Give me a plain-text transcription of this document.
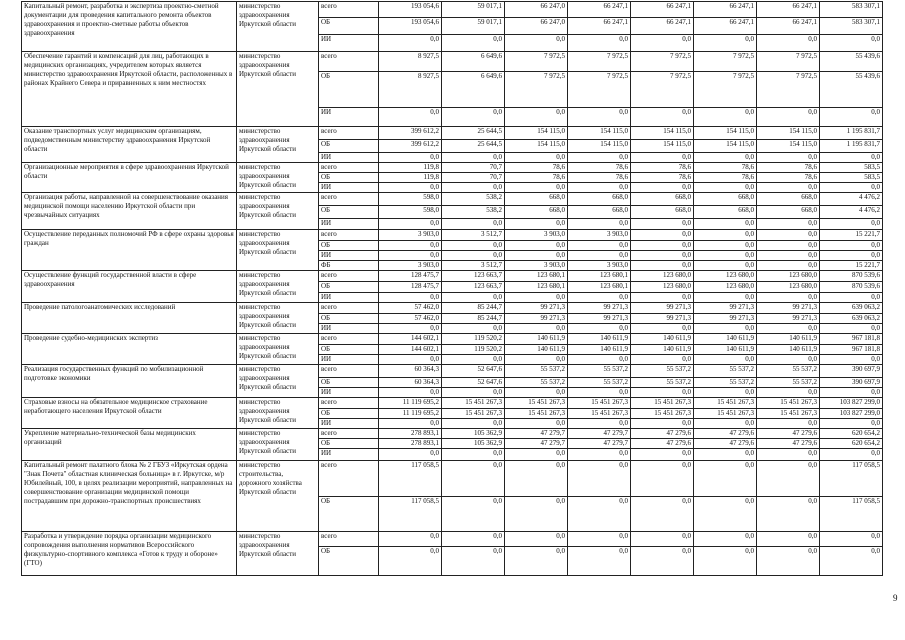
Капитальный ремонт, разработка и экспертиза проектно-сметной документации для проведения капитального ремонта объектов здравоохранения и проектно-сметные работы объектов здравоохранения	министерство здравоохранения Иркутской области	всего	193 054,6	59 017,1	66 247,0	66 247,1	66 247,1	66 247,1	66 247,1	583 307,1
		ОБ	193 054,6	59 017,1	66 247,0	66 247,1	66 247,1	66 247,1	66 247,1	583 307,1
		ИИ	0,0	0,0	0,0	0,0	0,0	0,0	0,0	0,0
Обеспечение гарантий и компенсаций для лиц, работающих в медицинских организациях, учредителем которых является министерство здравоохранения Иркутской области, расположенных в районах Крайнего Севера и приравненных к ним местностях	министерство здравоохранения Иркутской области	всего	8 927,5	6 649,6	7 972,5	7 972,5	7 972,5	7 972,5	7 972,5	55 439,6
		ОБ	8 927,5	6 649,6	7 972,5	7 972,5	7 972,5	7 972,5	7 972,5	55 439,6
		ИИ	0,0	0,0	0,0	0,0	0,0	0,0	0,0	0,0
Оказание транспортных услуг медицинским организациям, подведомственным министерству здравоохранения Иркутской области	министерство здравоохранения Иркутской области	всего	399 612,2	25 644,5	154 115,0	154 115,0	154 115,0	154 115,0	154 115,0	1 195 831,7
		ОБ	399 612,2	25 644,5	154 115,0	154 115,0	154 115,0	154 115,0	154 115,0	1 195 831,7
		ИИ	0,0	0,0	0,0	0,0	0,0	0,0	0,0	0,0
Организационные мероприятия в сфере здравоохранения Иркутской области	министерство здравоохранения Иркутской области	всего	119,8	70,7	78,6	78,6	78,6	78,6	78,6	583,5
		ОБ	119,8	70,7	78,6	78,6	78,6	78,6	78,6	583,5
		ИИ	0,0	0,0	0,0	0,0	0,0	0,0	0,0	0,0
Организация работы, направленной на совершенствование оказания медицинской помощи населению Иркутской области при чрезвычайных ситуациях	министерство здравоохранения Иркутской области	всего	598,0	538,2	668,0	668,0	668,0	668,0	668,0	4 476,2
		ОБ	598,0	538,2	668,0	668,0	668,0	668,0	668,0	4 476,2
		ИИ	0,0	0,0	0,0	0,0	0,0	0,0	0,0	0,0
Осуществление переданных полномочий РФ в сфере охраны здоровья граждан	министерство здравоохранения Иркутской области	всего	3 903,0	3 512,7	3 903,0	3 903,0	0,0	0,0	0,0	15 221,7
		ОБ	0,0	0,0	0,0	0,0	0,0	0,0	0,0	0,0
		ИИ	0,0	0,0	0,0	0,0	0,0	0,0	0,0	0,0
		ФБ	3 903,0	3 512,7	3 903,0	3 903,0	0,0	0,0	0,0	15 221,7
Осуществление функций государственной власти в сфере здравоохранения	министерство здравоохранения Иркутской области	всего	128 475,7	123 663,7	123 680,1	123 680,1	123 680,0	123 680,0	123 680,0	870 539,6
		ОБ	128 475,7	123 663,7	123 680,1	123 680,1	123 680,0	123 680,0	123 680,0	870 539,6
		ИИ	0,0	0,0	0,0	0,0	0,0	0,0	0,0	0,0
Проведение патологоанатомических исследований	министерство здравоохранения Иркутской области	всего	57 462,0	85 244,7	99 271,3	99 271,3	99 271,3	99 271,3	99 271,3	639 063,2
		ОБ	57 462,0	85 244,7	99 271,3	99 271,3	99 271,3	99 271,3	99 271,3	639 063,2
		ИИ	0,0	0,0	0,0	0,0	0,0	0,0	0,0	0,0
Проведение судебно-медицинских экспертиз	министерство здравоохранения Иркутской области	всего	144 602,1	119 520,2	140 611,9	140 611,9	140 611,9	140 611,9	140 611,9	967 181,8
		ОБ	144 602,1	119 520,2	140 611,9	140 611,9	140 611,9	140 611,9	140 611,9	967 181,8
		ИИ	0,0	0,0	0,0	0,0	0,0	0,0	0,0	0,0
Реализация государственных функций по мобилизационной подготовке экономики	министерство здравоохранения Иркутской области	всего	60 364,3	52 647,6	55 537,2	55 537,2	55 537,2	55 537,2	55 537,2	390 697,9
		ОБ	60 364,3	52 647,6	55 537,2	55 537,2	55 537,2	55 537,2	55 537,2	390 697,9
		ИИ	0,0	0,0	0,0	0,0	0,0	0,0	0,0	0,0
Страховые взносы на обязательное медицинское страхование неработающего населения Иркутской области	министерство здравоохранения Иркутской области	всего	11 119 695,2	15 451 267,3	15 451 267,3	15 451 267,3	15 451 267,3	15 451 267,3	15 451 267,3	103 827 299,0
		ОБ	11 119 695,2	15 451 267,3	15 451 267,3	15 451 267,3	15 451 267,3	15 451 267,3	15 451 267,3	103 827 299,0
		ИИ	0,0	0,0	0,0	0,0	0,0	0,0	0,0	0,0
Укрепление материально-технической базы медицинских организаций	министерство здравоохранения Иркутской области	всего	278 893,1	105 362,9	47 279,7	47 279,7	47 279,6	47 279,6	47 279,6	620 654,2
		ОБ	278 893,1	105 362,9	47 279,7	47 279,7	47 279,6	47 279,6	47 279,6	620 654,2
		ИИ	0,0	0,0	0,0	0,0	0,0	0,0	0,0	0,0
Капитальный ремонт палатного блока № 2 ГБУЗ «Иркутская ордена "Знак Почета" областная клиническая больница» в г. Иркутске, м/р Юбилейный, 100, в целях реализации мероприятий, направленных на совершенствование организации медицинской помощи пострадавшим при дорожно-транспортных происшествиях	министерство строительства, дорожного хозяйства Иркутской области	всего	117 058,5	0,0	0,0	0,0	0,0	0,0	0,0	117 058,5
		ОБ	117 058,5	0,0	0,0	0,0	0,0	0,0	0,0	117 058,5
Разработка и утверждение порядка организации медицинского сопровождения выполнения нормативов Всероссийского физкультурно-спортивного комплекса «Готов к труду и обороне» (ГТО)	министерство здравоохранения Иркутской области	всего	0,0	0,0	0,0	0,0	0,0	0,0	0,0	0,0
		ОБ	0,0	0,0	0,0	0,0	0,0	0,0	0,0	0,0
9
